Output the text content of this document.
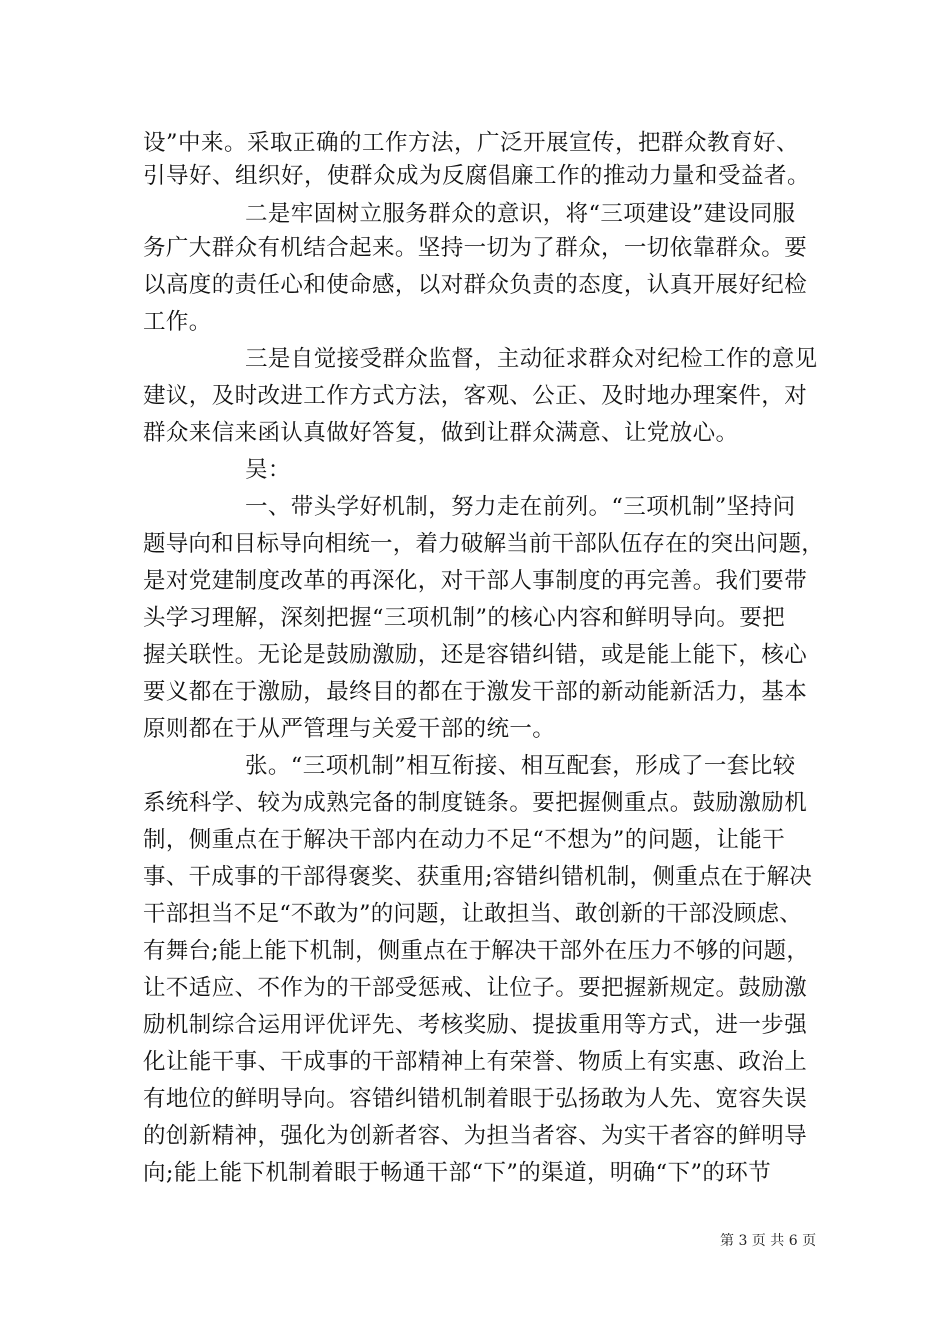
设”中来。采取正确的工作方法，广泛开展宣传，把群众教育好、
引导好、组织好，使群众成为反腐倡廉工作的推动力量和受益者。
二是牢固树立服务群众的意识，将“三项建设”建设同服
务广大群众有机结合起来。坚持一切为了群众，一切依靠群众。要
以高度的责任心和使命感，以对群众负责的态度，认真开展好纪检
工作。
三是自觉接受群众监督，主动征求群众对纪检工作的意见
建议，及时改进工作方式方法，客观、公正、及时地办理案件，对
群众来信来函认真做好答复，做到让群众满意、让党放心。
吴：
一、带头学好机制，努力走在前列。“三项机制”坚持问
题导向和目标导向相统一，着力破解当前干部队伍存在的突出问题，
是对党建制度改革的再深化，对干部人事制度的再完善。我们要带
头学习理解，深刻把握“三项机制”的核心内容和鲜明导向。要把
握关联性。无论是鼓励激励，还是容错纠错，或是能上能下，核心
要义都在于激励，最终目的都在于激发干部的新动能新活力，基本
原则都在于从严管理与关爱干部的统一。
张。“三项机制”相互衔接、相互配套，形成了一套比较
系统科学、较为成熟完备的制度链条。要把握侧重点。鼓励激励机
制，侧重点在于解决干部内在动力不足“不想为”的问题，让能干
事、干成事的干部得褒奖、获重用;容错纠错机制，侧重点在于解决
干部担当不足“不敢为”的问题，让敢担当、敢创新的干部没顾虑、
有舞台;能上能下机制，侧重点在于解决干部外在压力不够的问题，
让不适应、不作为的干部受惩戒、让位子。要把握新规定。鼓励激
励机制综合运用评优评先、考核奖励、提拔重用等方式，进一步强
化让能干事、干成事的干部精神上有荣誉、物质上有实惠、政治上
有地位的鲜明导向。容错纠错机制着眼于弘扬敢为人先、宽容失误
的创新精神，强化为创新者容、为担当者容、为实干者容的鲜明导
向;能上能下机制着眼于畅通干部“下”的渠道，明确“下”的环节
第 3 页 共 6 页
